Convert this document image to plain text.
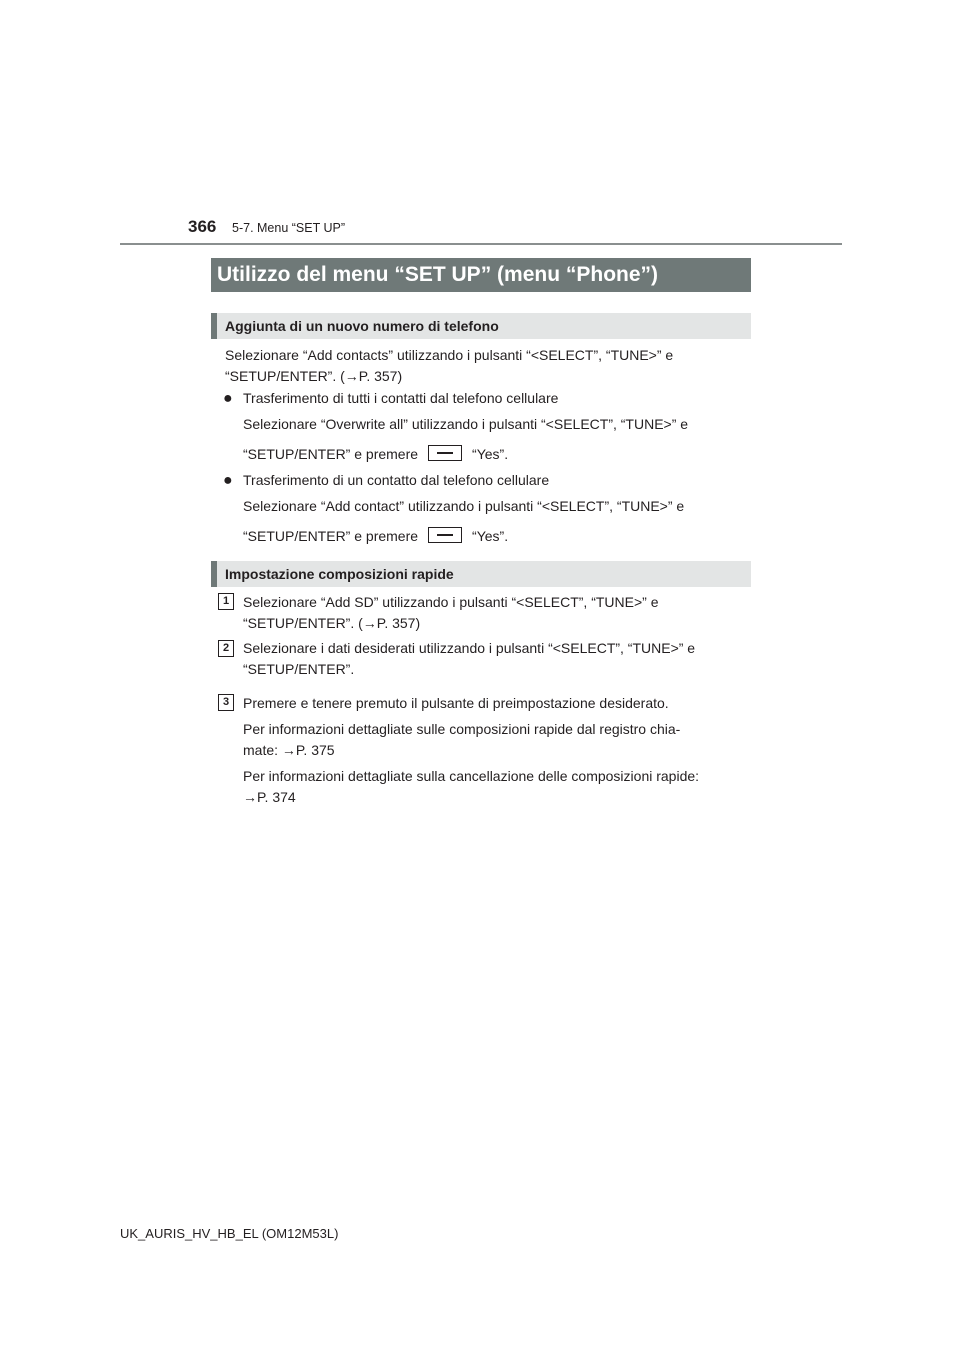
366 5-7. Menu “SET UP”
Utilizzo del menu “SET UP” (menu “Phone”)
Aggiunta di un nuovo numero di telefono
Selezionare “Add contacts” utilizzando i pulsanti “<SELECT”, “TUNE>” e
“SETUP/ENTER”. (→P. 357)
● Trasferimento di tutti i contatti dal telefono cellulare
Selezionare “Overwrite all” utilizzando i pulsanti “<SELECT”, “TUNE>” e
“SETUP/ENTER” e premere	“Yes”.
● Trasferimento di un contatto dal telefono cellulare
Selezionare “Add contact” utilizzando i pulsanti “<SELECT”, “TUNE>” e
“SETUP/ENTER” e premere	“Yes”.
Impostazione composizioni rapide
1 Selezionare “Add SD” utilizzando i pulsanti “<SELECT”, “TUNE>” e
“SETUP/ENTER”. (→P. 357)
2 Selezionare i dati desiderati utilizzando i pulsanti “<SELECT”, “TUNE>” e
“SETUP/ENTER”.
3 Premere e tenere premuto il pulsante di preimpostazione desiderato.
Per informazioni dettagliate sulle composizioni rapide dal registro chia-
mate: →P. 375
Per informazioni dettagliate sulla cancellazione delle composizioni rapide:
→P. 374
UK_AURIS_HV_HB_EL (OM12M53L)
